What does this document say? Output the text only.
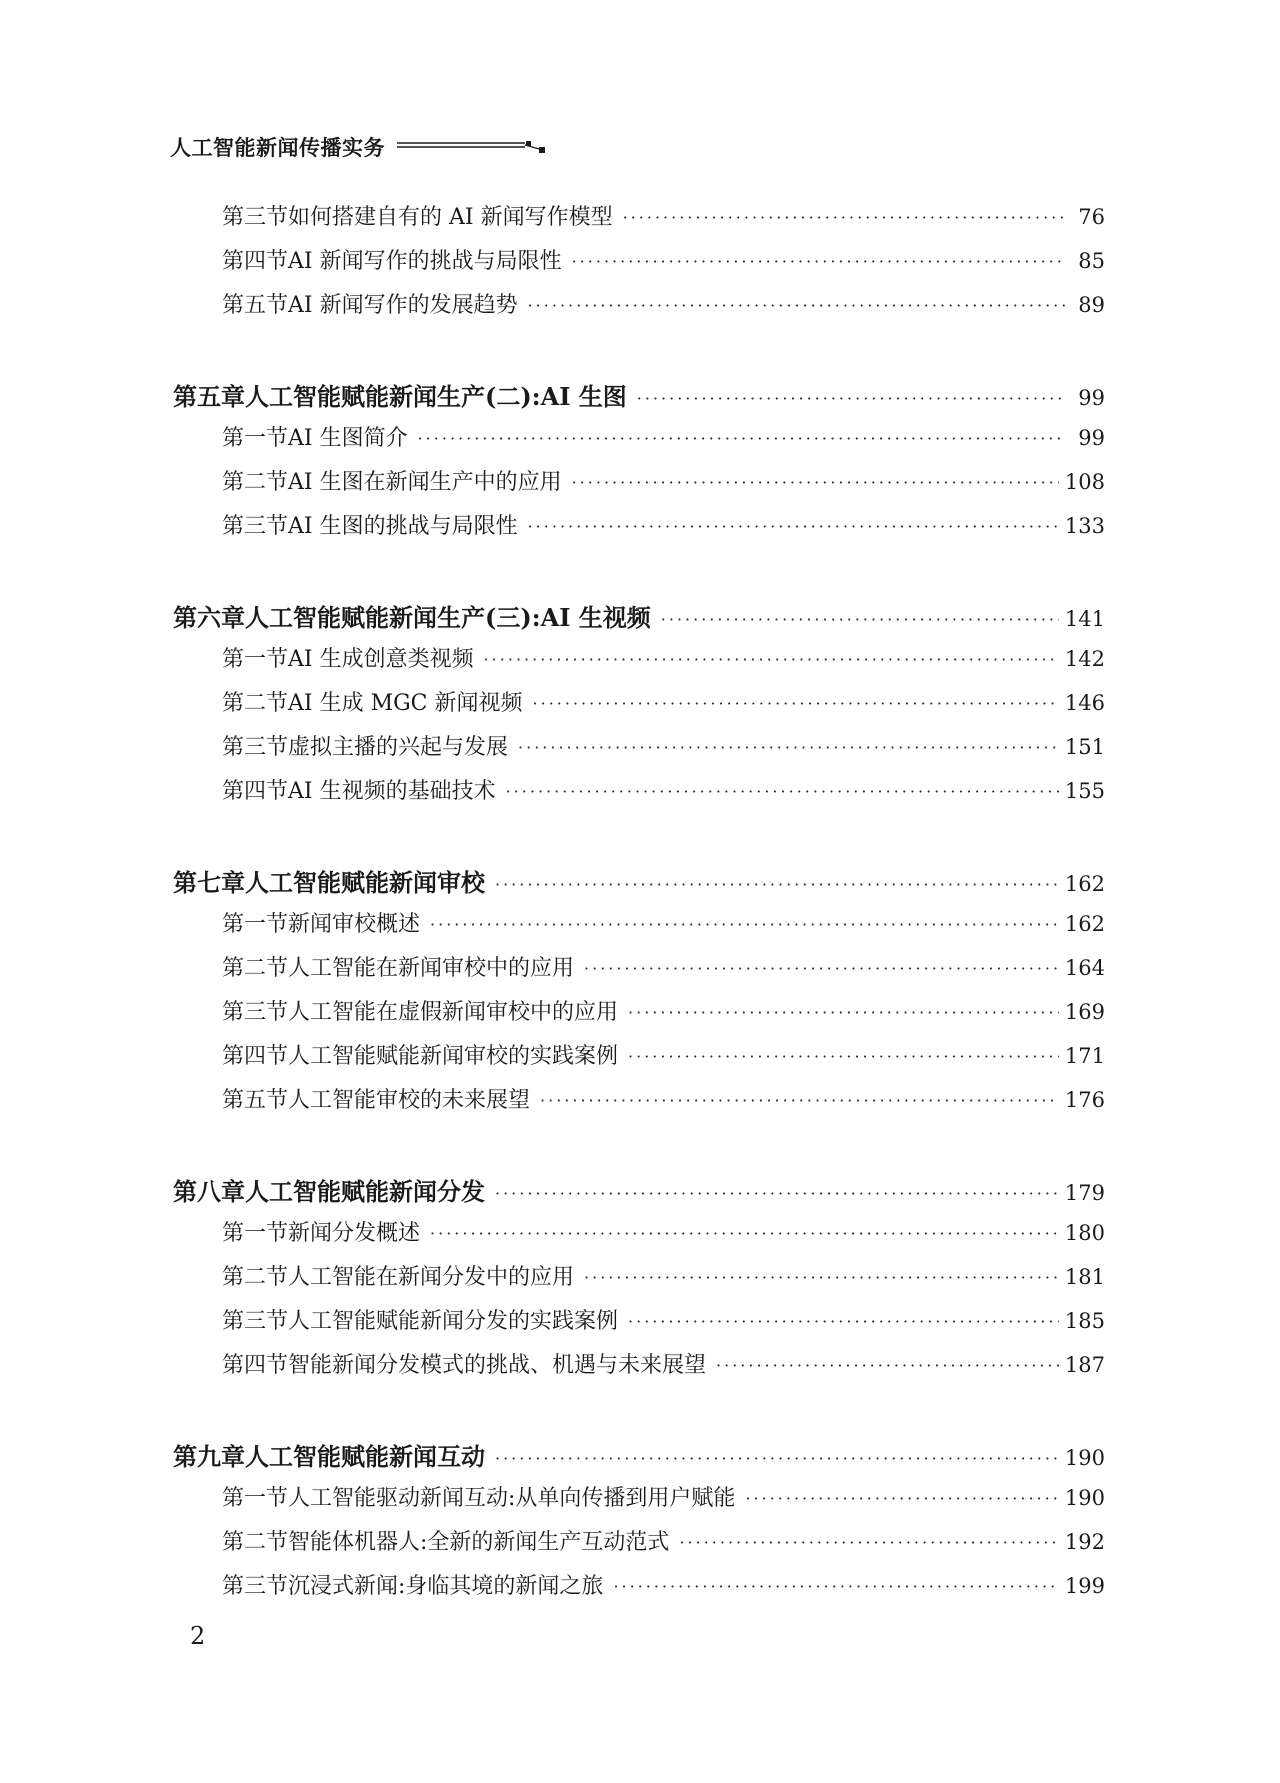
人工智能新闻传播实务
第三节 如何搭建自有的 AI 新闻写作模型 ·····	76
第四节 AI 新闻写作的挑战与局限性 ·····	85
第五节 AI 新闻写作的发展趋势 ·····	89
第五章 人工智能赋能新闻生产(二):AI 生图 ·····	99
第一节 AI 生图简介 ·····	99
第二节 AI 生图在新闻生产中的应用 ·····	108
第三节 AI 生图的挑战与局限性 ·····	133
第六章 人工智能赋能新闻生产(三):AI 生视频 ·····	141
第一节 AI 生成创意类视频 ·····	142
第二节 AI 生成 MGC 新闻视频 ·····	146
第三节 虚拟主播的兴起与发展 ·····	151
第四节 AI 生视频的基础技术 ·····	155
第七章 人工智能赋能新闻审校 ·····	162
第一节 新闻审校概述 ·····	162
第二节 人工智能在新闻审校中的应用 ·····	164
第三节 人工智能在虚假新闻审校中的应用 ·····	169
第四节 人工智能赋能新闻审校的实践案例 ·····	171
第五节 人工智能审校的未来展望 ·····	176
第八章 人工智能赋能新闻分发 ·····	179
第一节 新闻分发概述 ·····	180
第二节 人工智能在新闻分发中的应用 ·····	181
第三节 人工智能赋能新闻分发的实践案例 ·····	185
第四节 智能新闻分发模式的挑战、机遇与未来展望 ·····	187
第九章 人工智能赋能新闻互动 ·····	190
第一节 人工智能驱动新闻互动:从单向传播到用户赋能 ·····	190
第二节 智能体机器人:全新的新闻生产互动范式 ·····	192
第三节 沉浸式新闻:身临其境的新闻之旅 ·····	199
2
